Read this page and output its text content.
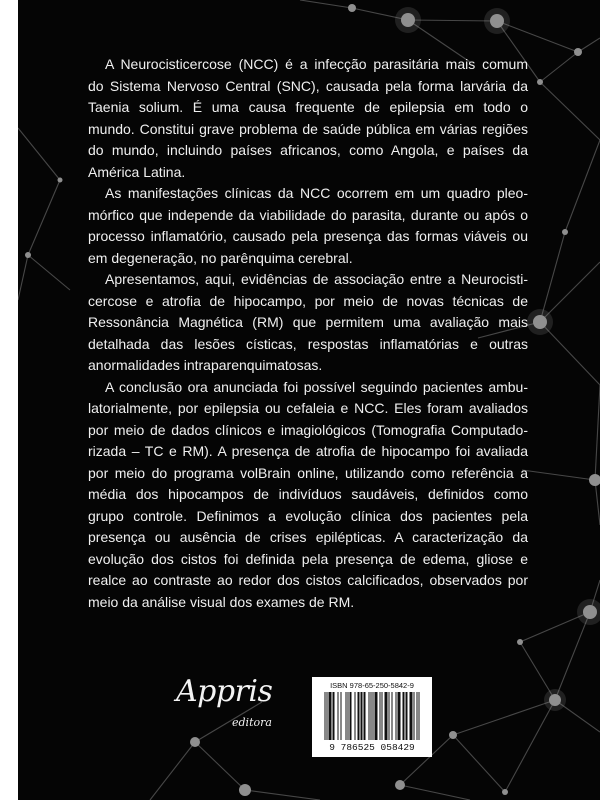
A Neurocisticercose (NCC) é a infecção parasitária mais comum
do Sistema Nervoso Central (SNC), causada pela forma larvária da
Taenia solium. É uma causa frequente de epilepsia em todo o
mundo. Constitui grave problema de saúde pública em várias regiões
do mundo, incluindo países africanos, como Angola, e países da
América Latina.
As manifestações clínicas da NCC ocorrem em um quadro pleo-
mórfico que independe da viabilidade do parasita, durante ou após o
processo inflamatório, causado pela presença das formas viáveis ou
em degeneração, no parênquima cerebral.
Apresentamos, aqui, evidências de associação entre a Neurocisti-
cercose e atrofia de hipocampo, por meio de novas técnicas de
Ressonância Magnética (RM) que permitem uma avaliação mais
detalhada das lesões císticas, respostas inflamatórias e outras
anormalidades intraparenquimatosas.
A conclusão ora anunciada foi possível seguindo pacientes ambu-
latorialmente, por epilepsia ou cefaleia e NCC. Eles foram avaliados
por meio de dados clínicos e imagiológicos (Tomografia Computado-
rizada – TC e RM). A presença de atrofia de hipocampo foi avaliada
por meio do programa volBrain online, utilizando como referência a
média dos hipocampos de indivíduos saudáveis, definidos como
grupo controle. Definimos a evolução clínica dos pacientes pela
presença ou ausência de crises epilépticas. A caracterização da
evolução dos cistos foi definida pela presença de edema, gliose e
realce ao contraste ao redor dos cistos calcificados, observados por
meio da análise visual dos exames de RM.
Appris
editora
ISBN 978-65-250-5842-9
9 786525 058429
